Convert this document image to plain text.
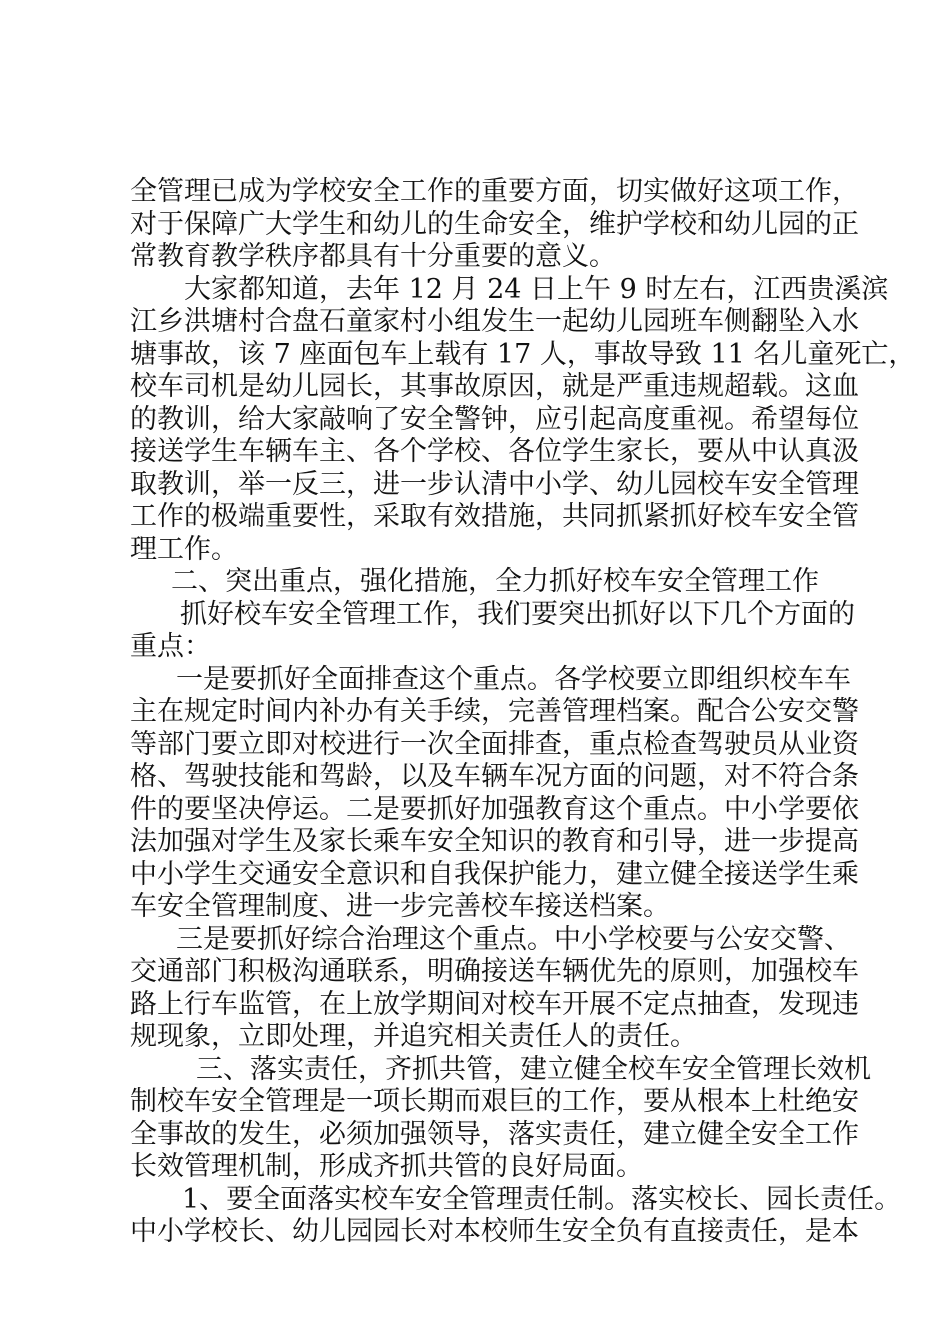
全管理已成为学校安全工作的重要方面，切实做好这项工作，
对于保障广大学生和幼儿的生命安全，维护学校和幼儿园的正
常教育教学秩序都具有十分重要的意义。
大家都知道，去年 12 月 24 日上午 9 时左右，江西贵溪滨
江乡洪塘村合盘石童家村小组发生一起幼儿园班车侧翻坠入水
塘事故，该 7 座面包车上载有 17 人，事故导致 11 名儿童死亡，
校车司机是幼儿园长，其事故原因，就是严重违规超载。这血
的教训，给大家敲响了安全警钟，应引起高度重视。希望每位
接送学生车辆车主、各个学校、各位学生家长，要从中认真汲
取教训，举一反三，进一步认清中小学、幼儿园校车安全管理
工作的极端重要性，采取有效措施，共同抓紧抓好校车安全管
理工作。
二、突出重点，强化措施，全力抓好校车安全管理工作
抓好校车安全管理工作，我们要突出抓好以下几个方面的
重点：
一是要抓好全面排查这个重点。各学校要立即组织校车车
主在规定时间内补办有关手续，完善管理档案。配合公安交警
等部门要立即对校进行一次全面排查，重点检查驾驶员从业资
格、驾驶技能和驾龄，以及车辆车况方面的问题，对不符合条
件的要坚决停运。二是要抓好加强教育这个重点。中小学要依
法加强对学生及家长乘车安全知识的教育和引导，进一步提高
中小学生交通安全意识和自我保护能力，建立健全接送学生乘
车安全管理制度、进一步完善校车接送档案。
三是要抓好综合治理这个重点。中小学校要与公安交警、
交通部门积极沟通联系，明确接送车辆优先的原则，加强校车
路上行车监管，在上放学期间对校车开展不定点抽查，发现违
规现象，立即处理，并追究相关责任人的责任。
三、落实责任，齐抓共管，建立健全校车安全管理长效机
制校车安全管理是一项长期而艰巨的工作，要从根本上杜绝安
全事故的发生，必须加强领导，落实责任，建立健全安全工作
长效管理机制，形成齐抓共管的良好局面。
1、要全面落实校车安全管理责任制。落实校长、园长责任。
中小学校长、幼儿园园长对本校师生安全负有直接责任，是本
